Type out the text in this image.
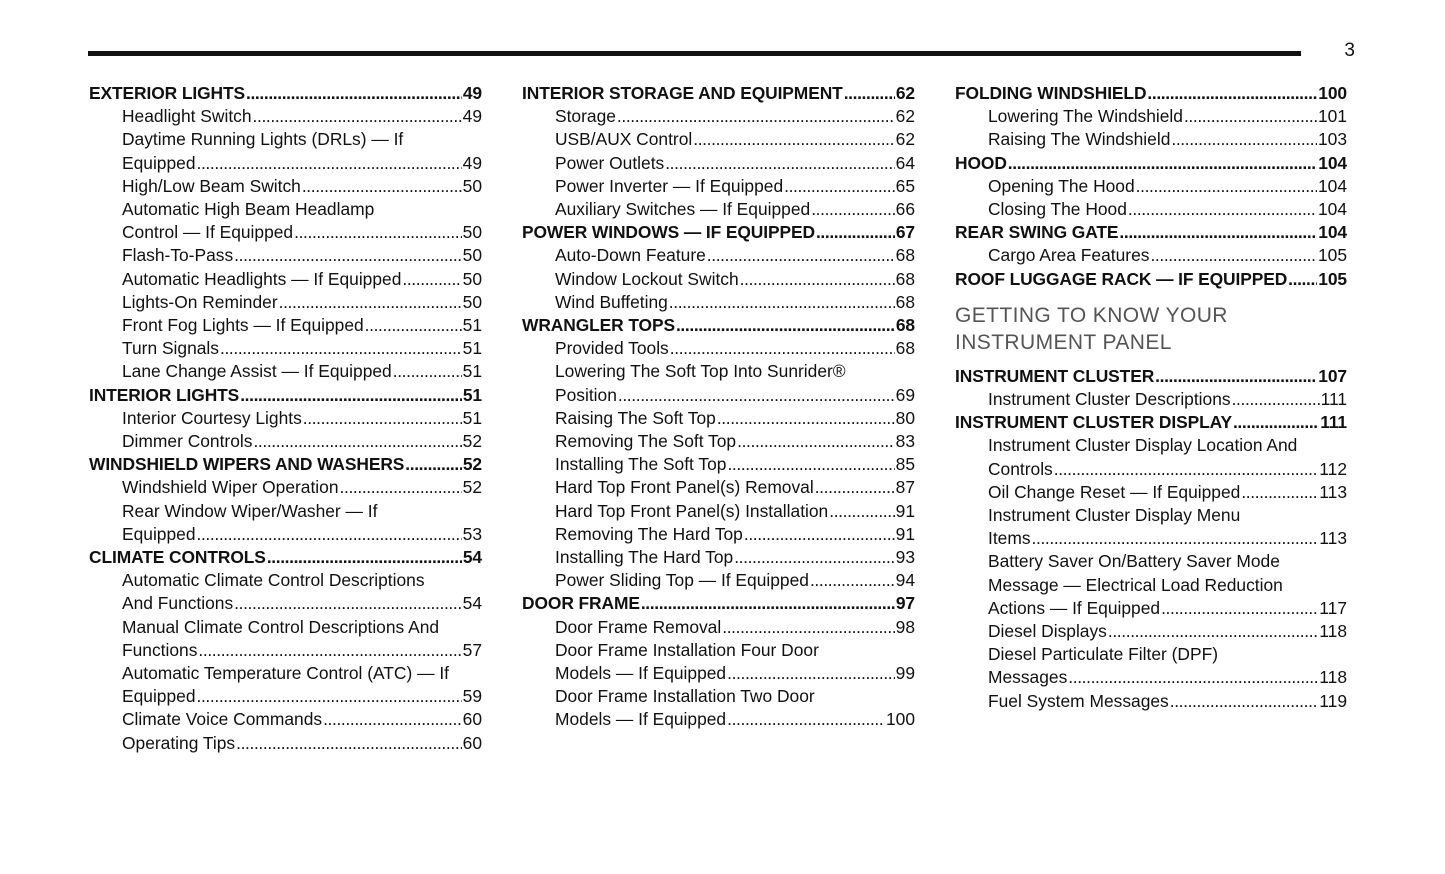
3
EXTERIOR LIGHTS . . .	49
Headlight Switch . . .	49
Daytime Running Lights (DRLs) — If
Equipped . . .	49
High/Low Beam Switch . . .	50
Automatic High Beam Headlamp
Control — If Equipped . . .	50
Flash-To-Pass . . .	50
Automatic Headlights — If Equipped . . .	50
Lights-On Reminder . . .	50
Front Fog Lights — If Equipped . . .	51
Turn Signals . . .	51
Lane Change Assist — If Equipped . . .	51
INTERIOR LIGHTS . . .	51
Interior Courtesy Lights . . .	51
Dimmer Controls . . .	52
WINDSHIELD WIPERS AND WASHERS . . .	52
Windshield Wiper Operation . . .	52
Rear Window Wiper/Washer — If
Equipped . . .	53
CLIMATE CONTROLS . . .	54
Automatic Climate Control Descriptions
And Functions . . .	54
Manual Climate Control Descriptions And
Functions . . .	57
Automatic Temperature Control (ATC) — If
Equipped . . .	59
Climate Voice Commands . . .	60
Operating Tips . . .	60
INTERIOR STORAGE AND EQUIPMENT . . .	62
Storage . . .	62
USB/AUX Control . . .	62
Power Outlets . . .	64
Power Inverter — If Equipped . . .	65
Auxiliary Switches — If Equipped . . .	66
POWER WINDOWS — IF EQUIPPED . . .	67
Auto-Down Feature . . .	68
Window Lockout Switch . . .	68
Wind Buffeting . . .	68
WRANGLER TOPS . . .	68
Provided Tools . . .	68
Lowering The Soft Top Into Sunrider®
Position . . .	69
Raising The Soft Top . . .	80
Removing The Soft Top . . .	83
Installing The Soft Top . . .	85
Hard Top Front Panel(s) Removal . . .	87
Hard Top Front Panel(s) Installation . . .	91
Removing The Hard Top . . .	91
Installing The Hard Top . . .	93
Power Sliding Top — If Equipped . . .	94
DOOR FRAME . . .	97
Door Frame Removal . . .	98
Door Frame Installation Four Door
Models — If Equipped . . .	99
Door Frame Installation Two Door
Models — If Equipped . . .	100
FOLDING WINDSHIELD . . .	100
Lowering The Windshield . . .	101
Raising The Windshield . . .	103
HOOD . . .	104
Opening The Hood . . .	104
Closing The Hood . . .	104
REAR SWING GATE . . .	104
Cargo Area Features . . .	105
ROOF LUGGAGE RACK — IF EQUIPPED . . . 105
GETTING TO KNOW YOUR
INSTRUMENT PANEL
INSTRUMENT CLUSTER . . .	107
Instrument Cluster Descriptions . . .	111
INSTRUMENT CLUSTER DISPLAY . . .	111
Instrument Cluster Display Location And
Controls . . .	112
Oil Change Reset — If Equipped . . .	113
Instrument Cluster Display Menu
Items . . .	113
Battery Saver On/Battery Saver Mode
Message — Electrical Load Reduction
Actions — If Equipped . . .	117
Diesel Displays . . .	118
Diesel Particulate Filter (DPF)
Messages . . .	118
Fuel System Messages . . .	119
